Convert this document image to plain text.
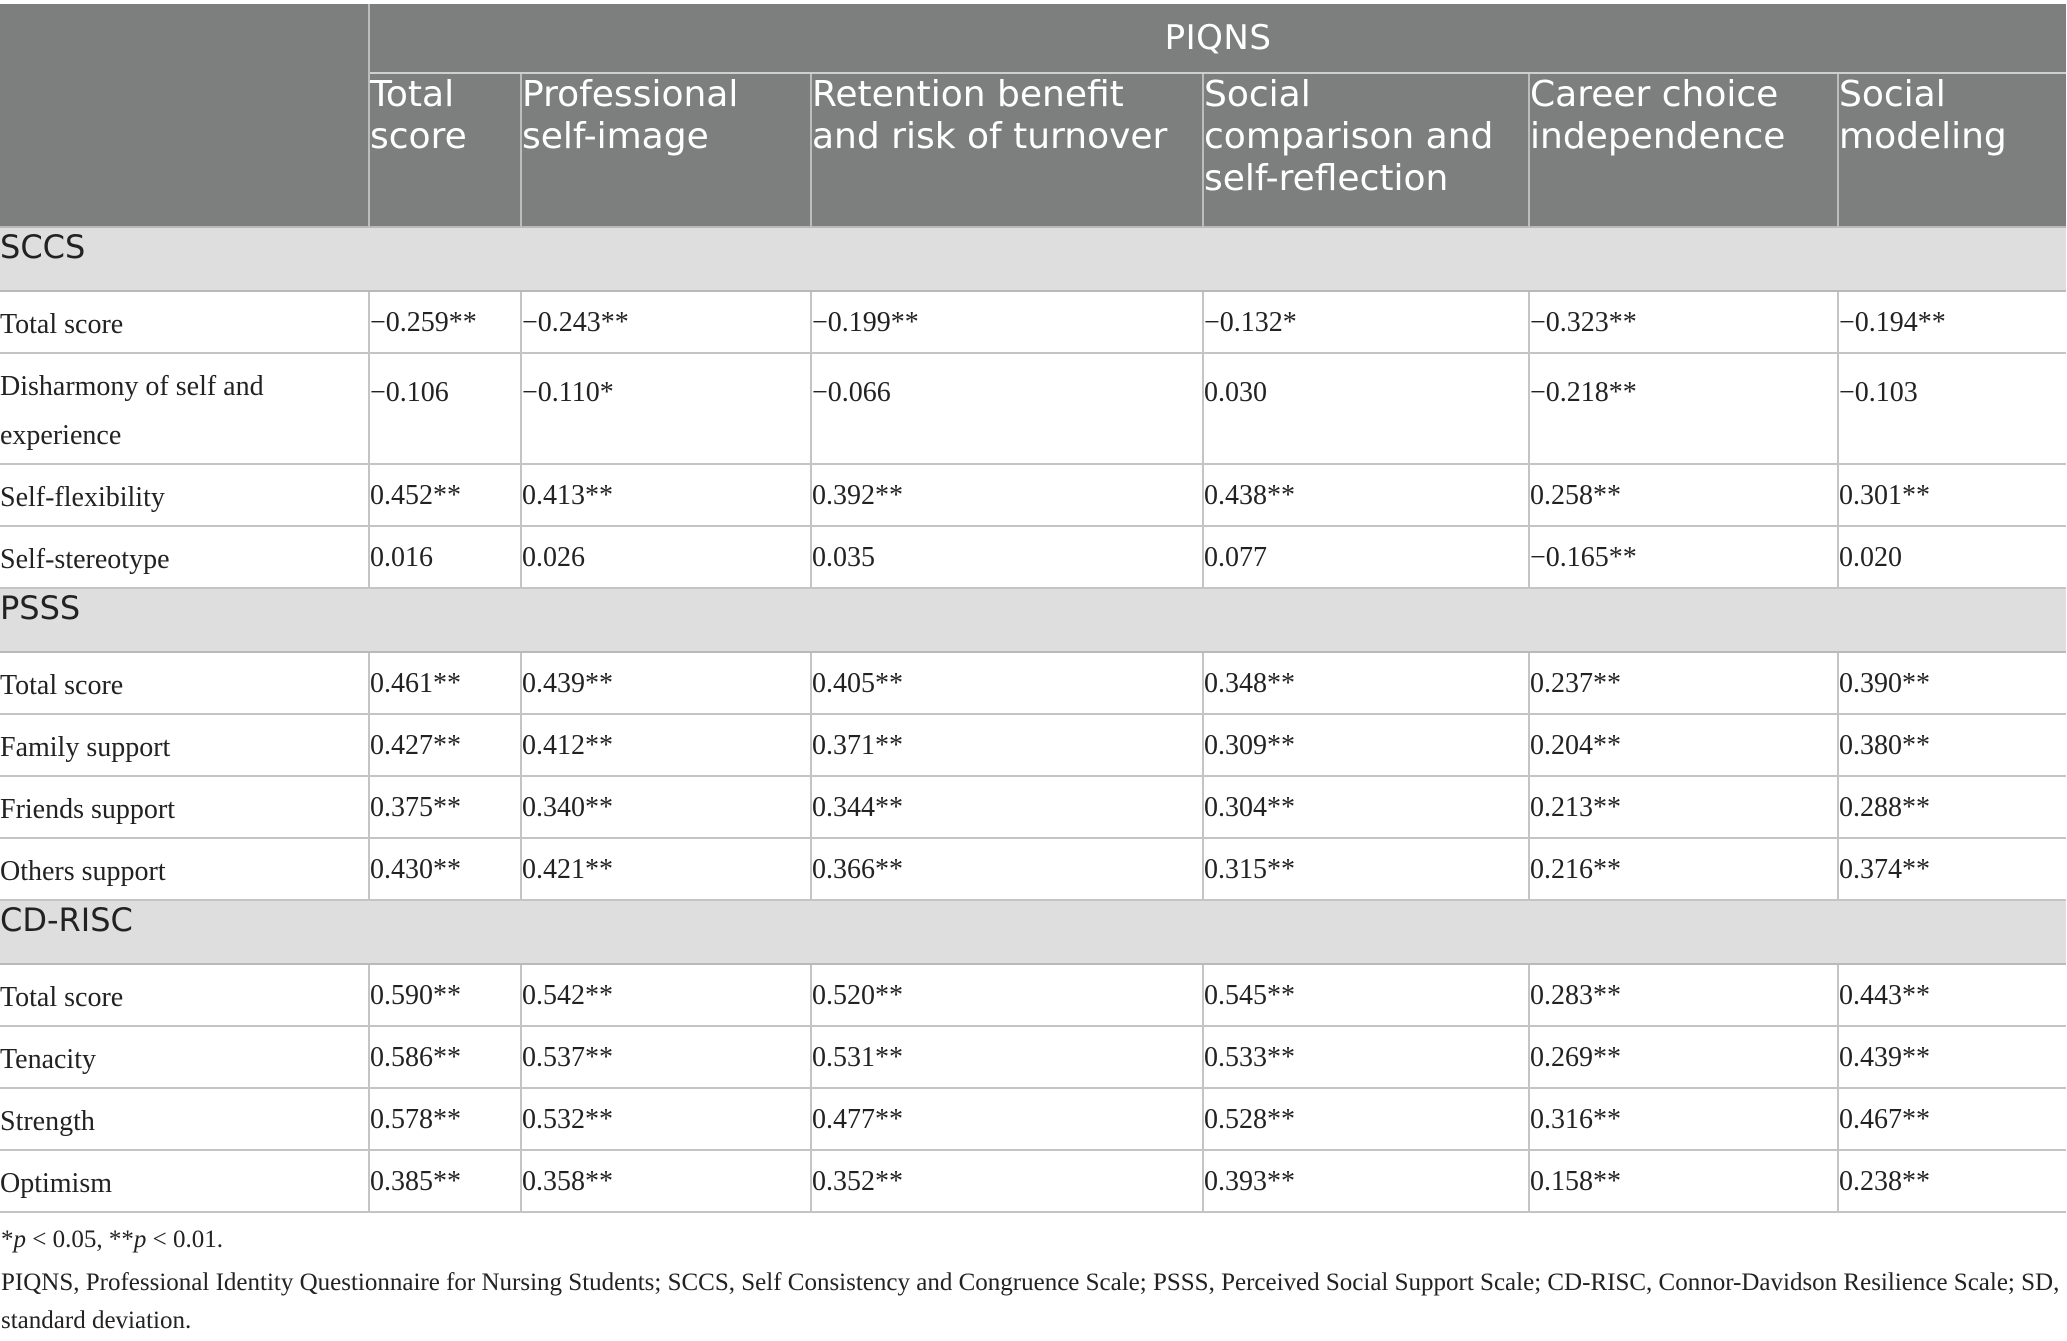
	PIQNS					
	Total score	Professional self-image	Retention benefit and risk of turnover	Social comparison and self-reflection	Career choice independence	Social modeling
SCCS						
Total score	−0.259**	−0.243**	−0.199**	−0.132*	−0.323**	−0.194**
Disharmony of self and experience	−0.106	−0.110*	−0.066	0.030	−0.218**	−0.103
Self-flexibility	0.452**	0.413**	0.392**	0.438**	0.258**	0.301**
Self-stereotype	0.016	0.026	0.035	0.077	−0.165**	0.020
PSSS						
Total score	0.461**	0.439**	0.405**	0.348**	0.237**	0.390**
Family support	0.427**	0.412**	0.371**	0.309**	0.204**	0.380**
Friends support	0.375**	0.340**	0.344**	0.304**	0.213**	0.288**
Others support	0.430**	0.421**	0.366**	0.315**	0.216**	0.374**
CD-RISC						
Total score	0.590**	0.542**	0.520**	0.545**	0.283**	0.443**
Tenacity	0.586**	0.537**	0.531**	0.533**	0.269**	0.439**
Strength	0.578**	0.532**	0.477**	0.528**	0.316**	0.467**
Optimism	0.385**	0.358**	0.352**	0.393**	0.158**	0.238**
*p < 0.05, **p < 0.01.
PIQNS, Professional Identity Questionnaire for Nursing Students; SCCS, Self Consistency and Congruence Scale; PSSS, Perceived Social Support Scale; CD-RISC, Connor-Davidson Resilience Scale; SD, standard deviation.
